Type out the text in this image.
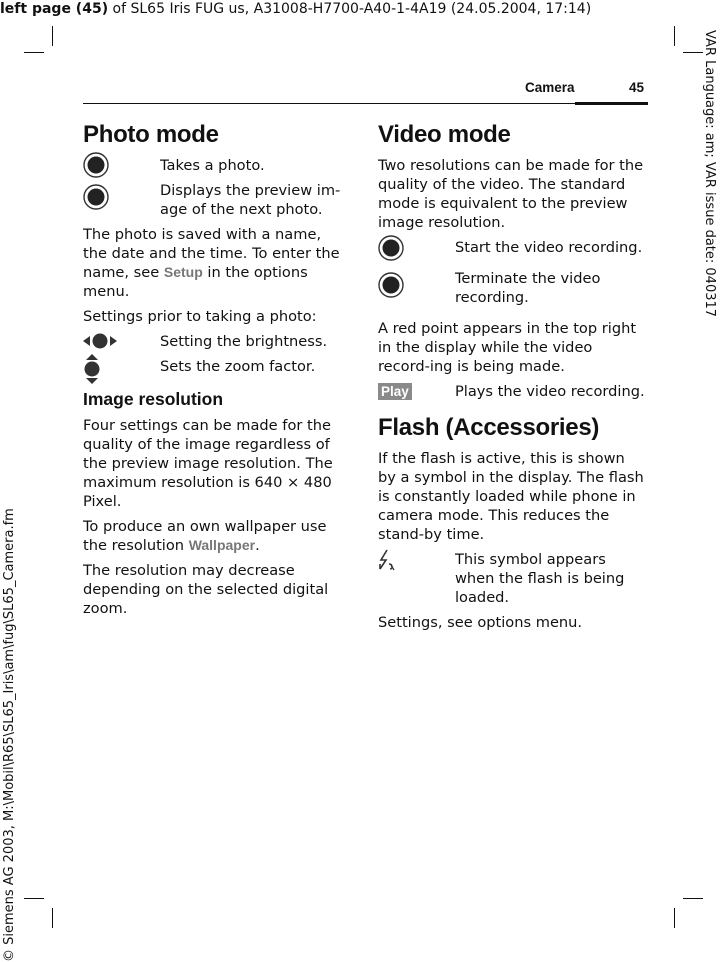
left page (45) of SL65 Iris FUG us, A31008-H7700-A40-1-4A19 (24.05.2004, 17:14)
VAR Language: am; VAR issue date: 040317
© Siemens AG 2003, M:\Mobil\R65\SL65_Iris\am\fug\SL65_Camera.fm
Camera	45
Photo mode
Takes a photo.
Displays the preview im-age of the next photo.

The photo is saved with a name, the date and the time. To enter the name, see Setup in the options menu.

Settings prior to taking a photo:

Setting the brightness.
Sets the zoom factor.
Image resolution

Four settings can be made for the quality of the image regardless of the preview image resolution. The maximum resolution is 640 × 480 Pixel.

To produce an own wallpaper use the resolution Wallpaper.

The resolution may decrease depending on the selected digital zoom.

Video mode

Two resolutions can be made for the quality of the video. The standard mode is equivalent to the preview image resolution.

Start the video recording.
Terminate the video recording.

A red point appears in the top right in the display while the video record-ing is being made.

Play	Plays the video recording.
Flash (Accessories)

If the flash is active, this is shown by a symbol in the display. The flash is constantly loaded while phone in camera mode. This reduces the stand-by time.

This symbol appears when the flash is being loaded.

Settings, see options menu.
